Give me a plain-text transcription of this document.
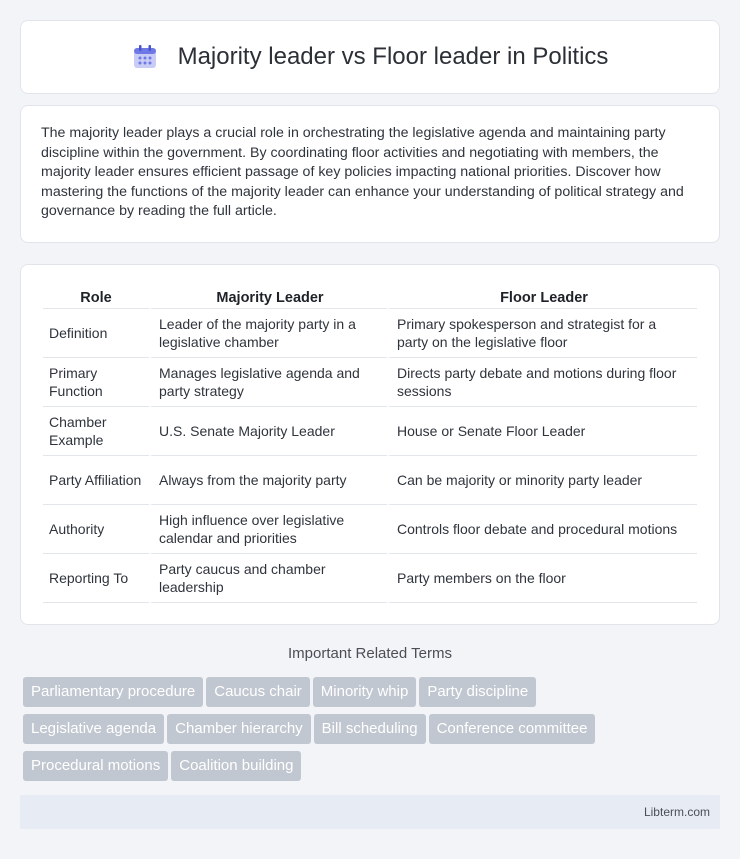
Majority leader vs Floor leader in Politics

The majority leader plays a crucial role in orchestrating the legislative agenda and maintaining party discipline within the government. By coordinating floor activities and negotiating with members, the majority leader ensures efficient passage of key policies impacting national priorities. Discover how mastering the functions of the majority leader can enhance your understanding of political strategy and governance by reading the full article.

Role	Majority Leader	Floor Leader
Definition	Leader of the majority party in a legislative chamber	Primary spokesperson and strategist for a party on the legislative floor
Primary Function	Manages legislative agenda and party strategy	Directs party debate and motions during floor sessions
Chamber Example	U.S. Senate Majority Leader	House or Senate Floor Leader
Party Affiliation	Always from the majority party	Can be majority or minority party leader
Authority	High influence over legislative calendar and priorities	Controls floor debate and procedural motions
Reporting To	Party caucus and chamber leadership	Party members on the floor
Important Related Terms
Parliamentary procedure Caucus chair Minority whip Party discipline
Legislative agenda Chamber hierarchy Bill scheduling Conference committee
Procedural motions Coalition building
Libterm.com
